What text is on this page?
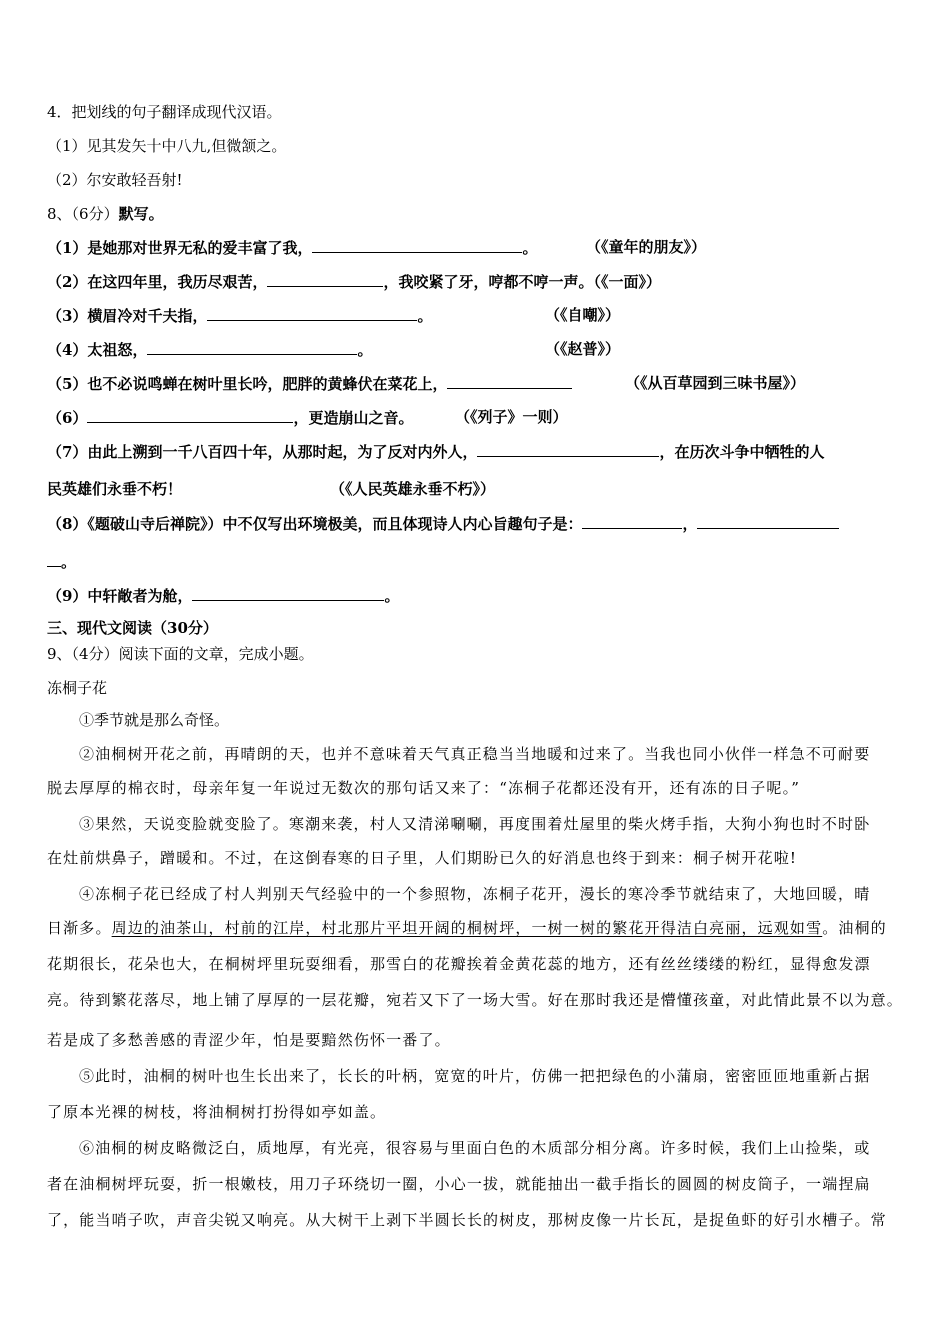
4．把划线的句子翻译成现代汉语。
（1）见其发矢十中八九,但微颔之。
（2）尔安敢轻吾射!
8、（6分）默写。
（1）是她那对世界无私的爱丰富了我，	。	（《童年的朋友》）
（2）在这四年里，我历尽艰苦，	，我咬紧了牙，哼都不哼一声。（《一面》）
（3）横眉冷对千夫指，	。	（《自嘲》）
（4）太祖怒，	。	（《赵普》）
（5）也不必说鸣蝉在树叶里长吟，肥胖的黄蜂伏在菜花上，	（《从百草园到三味书屋》）
（6）	，更造崩山之音。	（《列子》一则）
（7）由此上溯到一千八百四十年，从那时起，为了反对内外人，	，在历次斗争中牺牲的人
民英雄们永垂不朽！	（《人民英雄永垂不朽》）
（8）《题破山寺后禅院》）中不仅写出环境极美，而且体现诗人内心旨趣句子是：	，
。
（9）中轩敞者为舱，	。
三、现代文阅读（30分）
9、（4分）阅读下面的文章，完成小题。
冻桐子花
①季节就是那么奇怪。
②油桐树开花之前，再晴朗的天，也并不意味着天气真正稳当当地暖和过来了。当我也同小伙伴一样急不可耐要
脱去厚厚的棉衣时，母亲年复一年说过无数次的那句话又来了：“冻桐子花都还没有开，还有冻的日子呢。”
③果然，天说变脸就变脸了。寒潮来袭，村人又清涕唰唰，再度围着灶屋里的柴火烤手指，大狗小狗也时不时卧
在灶前烘鼻子，蹭暖和。不过，在这倒春寒的日子里，人们期盼已久的好消息也终于到来：桐子树开花啦!
④冻桐子花已经成了村人判别天气经验中的一个参照物，冻桐子花开，漫长的寒冷季节就结束了，大地回暖，晴
日渐多。周边的油茶山，村前的江岸，村北那片平坦开阔的桐树坪，一树一树的繁花开得洁白亮丽，远观如雪。油桐的
花期很长，花朵也大，在桐树坪里玩耍细看，那雪白的花瓣挨着金黄花蕊的地方，还有丝丝缕缕的粉红，显得愈发漂
亮。待到繁花落尽，地上铺了厚厚的一层花瓣，宛若又下了一场大雪。好在那时我还是懵懂孩童，对此情此景不以为意。
若是成了多愁善感的青涩少年，怕是要黯然伤怀一番了。
⑤此时，油桐的树叶也生长出来了，长长的叶柄，宽宽的叶片，仿佛一把把绿色的小蒲扇，密密匝匝地重新占据
了原本光裸的树枝，将油桐树打扮得如亭如盖。
⑥油桐的树皮略微泛白，质地厚，有光亮，很容易与里面白色的木质部分相分离。许多时候，我们上山捡柴，或
者在油桐树坪玩耍，折一根嫩枝，用刀子环绕切一圈，小心一拔，就能抽出一截手指长的圆圆的树皮筒子，一端捏扁
了，能当哨子吹，声音尖锐又响亮。从大树干上剥下半圆长长的树皮，那树皮像一片长瓦，是捉鱼虾的好引水槽子。常
